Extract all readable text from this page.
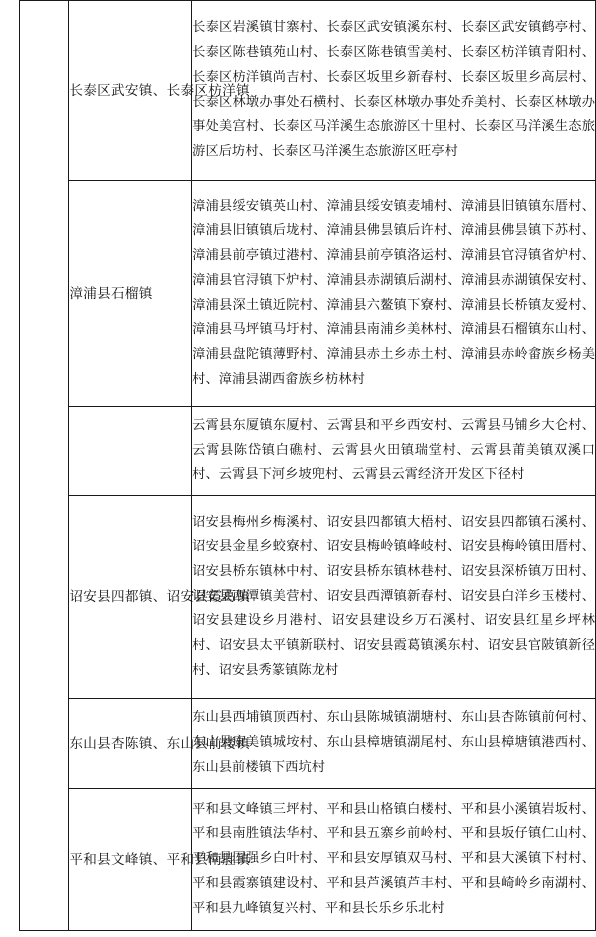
	长泰区武安镇、长泰区枋洋镇	长泰区岩溪镇甘寨村、长泰区武安镇溪东村、长泰区武安镇鹤亭村、长泰区陈巷镇苑山村、长泰区陈巷镇雪美村、长泰区枋洋镇青阳村、长泰区枋洋镇尚吉村、长泰区坂里乡新春村、长泰区坂里乡高层村、长泰区林墩办事处石横村、长泰区林墩办事处乔美村、长泰区林墩办事处美宫村、长泰区马洋溪生态旅游区十里村、长泰区马洋溪生态旅游区后坊村、长泰区马洋溪生态旅游区旺亭村

	漳浦县石榴镇	漳浦县绥安镇英山村、漳浦县绥安镇麦埔村、漳浦县旧镇镇东厝村、漳浦县旧镇镇后垅村、漳浦县佛昙镇后许村、漳浦县佛昙镇下苏村、漳浦县前亭镇过港村、漳浦县前亭镇洛运村、漳浦县官浔镇省炉村、漳浦县官浔镇下炉村、漳浦县赤湖镇后湖村、漳浦县赤湖镇保安村、漳浦县深土镇近院村、漳浦县六鳌镇下寮村、漳浦县长桥镇友爱村、漳浦县马坪镇马圩村、漳浦县南浦乡美林村、漳浦县石榴镇东山村、漳浦县盘陀镇薄野村、漳浦县赤土乡赤土村、漳浦县赤岭畲族乡杨美村、漳浦县湖西畲族乡枋林村

		云霄县东厦镇东厦村、云霄县和平乡西安村、云霄县马铺乡大仑村、云霄县陈岱镇白礁村、云霄县火田镇瑞堂村、云霄县莆美镇双溪口村、云霄县下河乡坡兜村、云霄县云霄经济开发区下径村

	诏安县四都镇、诏安县霞葛镇	诏安县梅州乡梅溪村、诏安县四都镇大梧村、诏安县四都镇石溪村、诏安县金星乡蛟寮村、诏安县梅岭镇峰岐村、诏安县梅岭镇田厝村、诏安县桥东镇林中村、诏安县桥东镇林巷村、诏安县深桥镇万田村、诏安县西潭镇美营村、诏安县西潭镇新春村、诏安县白洋乡玉楼村、诏安县建设乡月港村、诏安县建设乡万石溪村、诏安县红星乡坪林村、诏安县太平镇新联村、诏安县霞葛镇溪东村、诏安县官陂镇新径村、诏安县秀篆镇陈龙村

	东山县杏陈镇、东山县前楼镇	东山县西埔镇顶西村、东山县陈城镇湖塘村、东山县杏陈镇前何村、东山县康美镇城垵村、东山县樟塘镇湖尾村、东山县樟塘镇港西村、东山县前楼镇下西坑村

	平和县文峰镇、平和县南胜镇	平和县文峰镇三坪村、平和县山格镇白楼村、平和县小溪镇岩坂村、平和县南胜镇法华村、平和县五寨乡前岭村、平和县坂仔镇仁山村、平和县国强乡白叶村、平和县安厚镇双马村、平和县大溪镇下村村、平和县霞寨镇建设村、平和县芦溪镇芦丰村、平和县崎岭乡南湖村、平和县九峰镇复兴村、平和县长乐乡乐北村
